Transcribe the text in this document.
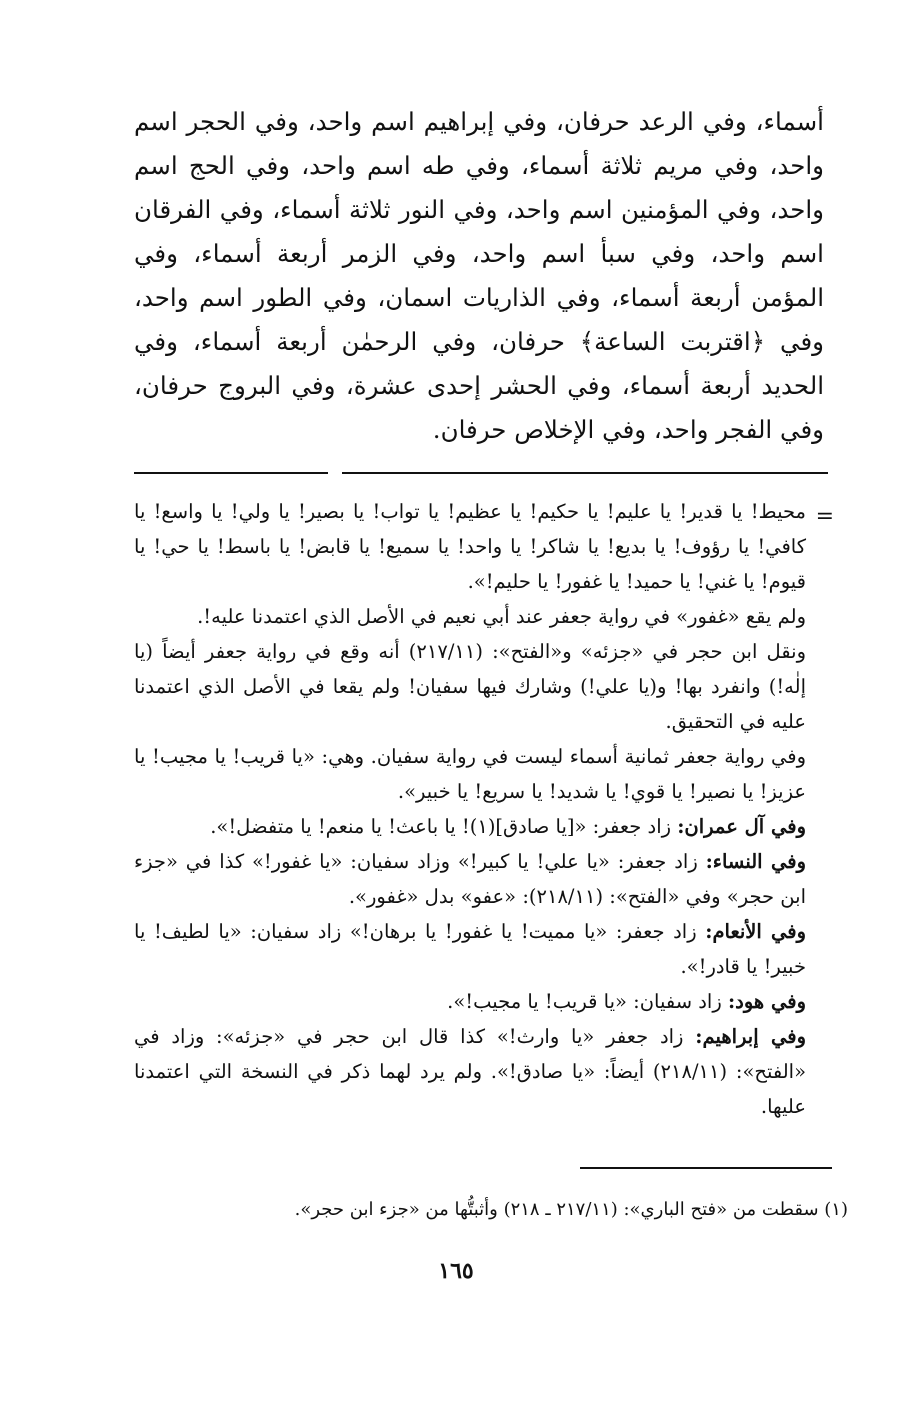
أسماء، وفي الرعد حرفان، وفي إبراهيم اسم واحد، وفي الحجر اسم واحد، وفي مريم ثلاثة أسماء، وفي طه اسم واحد، وفي الحج اسم واحد، وفي المؤمنين اسم واحد، وفي النور ثلاثة أسماء، وفي الفرقان اسم واحد، وفي سبأ اسم واحد، وفي الزمر أربعة أسماء، وفي المؤمن أربعة أسماء، وفي الذاريات اسمان، وفي الطور اسم واحد، وفي ﴿اقتربت الساعة﴾ حرفان، وفي الرحمٰن أربعة أسماء، وفي الحديد أربعة أسماء، وفي الحشر إحدى عشرة، وفي البروج حرفان، وفي الفجر واحد، وفي الإخلاص حرفان.

=

محيط! يا قدير! يا عليم! يا حكيم! يا عظيم! يا تواب! يا بصير! يا ولي! يا واسع! يا كافي! يا رؤوف! يا بديع! يا شاكر! يا واحد! يا سميع! يا قابض! يا باسط! يا حي! يا قيوم! يا غني! يا حميد! يا غفور! يا حليم!».

ولم يقع «غفور» في رواية جعفر عند أبي نعيم في الأصل الذي اعتمدنا عليه!.

ونقل ابن حجر في «جزئه» و«الفتح»: (٢١٧/١١) أنه وقع في رواية جعفر أيضاً (يا إلٰه!) وانفرد بها! و(يا علي!) وشارك فيها سفيان! ولم يقعا في الأصل الذي اعتمدنا عليه في التحقيق.

وفي رواية جعفر ثمانية أسماء ليست في رواية سفيان. وهي: «يا قريب! يا مجيب! يا عزيز! يا نصير! يا قوي! يا شديد! يا سريع! يا خبير».

وفي آل عمران: زاد جعفر: «[يا صادق](١)! يا باعث! يا منعم! يا متفضل!».

وفي النساء: زاد جعفر: «يا علي! يا كبير!» وزاد سفيان: «يا غفور!» كذا في «جزء ابن حجر» وفي «الفتح»: (٢١٨/١١): «عفو» بدل «غفور».

وفي الأنعام: زاد جعفر: «يا مميت! يا غفور! يا برهان!» زاد سفيان: «يا لطيف! يا خبير! يا قادر!».

وفي هود: زاد سفيان: «يا قريب! يا مجيب!».

وفي إبراهيم: زاد جعفر «يا وارث!» كذا قال ابن حجر في «جزئه»: وزاد في «الفتح»: (٢١٨/١١) أيضاً: «يا صادق!». ولم يرد لهما ذكر في النسخة التي اعتمدنا عليها.

(١) سقطت من «فتح الباري»: (٢١٧/١١ ـ ٢١٨) وأثبتُّها من «جزء ابن حجر».
١٦٥
